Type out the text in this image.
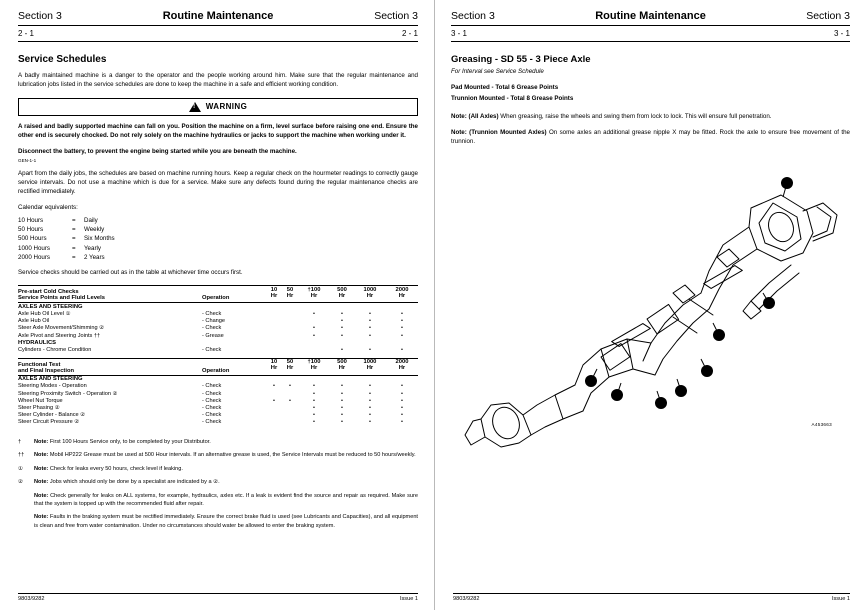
Section 3	Routine Maintenance	Section 3
2 - 1	2 - 1
Service Schedules

A badly maintained machine is a danger to the operator and the people working around him. Make sure that the regular maintenance and lubrication jobs listed in the service schedules are done to keep the machine in a safe and efficient working condition.

!
WARNING

A raised and badly supported machine can fall on you. Position the machine on a firm, level surface before raising one end. Ensure the other end is securely chocked. Do not rely solely on the machine hydraulics or jacks to support the machine when working under it.

Disconnect the battery, to prevent the engine being started while you are beneath the machine.

GEN-1-1

Apart from the daily jobs, the schedules are based on machine running hours. Keep a regular check on the hourmeter readings to correctly gauge service intervals. Do not use a machine which is due for a service. Make sure any defects found during the regular maintenance checks are rectified immediately.

Calendar equivalents:

10 Hours	= Daily
50 Hours	= Weekly
500 Hours	= Six Months
1000 Hours	= Yearly
2000 Hours	= 2 Years

Service checks should be carried out as in the table at whichever time occurs first.

Pre-start Cold Checks
Service Points and Fluid Levels	Operation	
10
Hr

50
Hr

†100
Hr

500
Hr

1000
Hr

2000
Hr

AXLES AND STEERING							
Axle Hub Oil Level ①	- Check			•	•	•	•
Axle Hub Oil	- Change				•	•	•
Steer Axle Movement/Shimming ②	- Check			•	•	•	•
Axle Pivot and Steering Joints ††	- Grease			•	•	•	•
HYDRAULICS							
Cylinders - Chrome Condition	- Check				•	•	•
Functional Test
and Final Inspection	Operation	
10
Hr

50
Hr

†100
Hr

500
Hr

1000
Hr

2000
Hr

AXLES AND STEERING							
Steering Modes - Operation	- Check	•	•	•	•	•	•
Steering Proximity Switch - Operation ②	- Check			•	•	•	•
Wheel Nut Torque	- Check	•	•	•	•	•	•
Steer Phasing ②	- Check			•	•	•	•
Steer Cylinder - Balance ②	- Check			•	•	•	•
Steer Circuit Pressure ②	- Check			•	•	•	•
†	Note: First 100 Hours Service only, to be completed by your Distributor.
††	Note: Mobil HP222 Grease must be used at 500 Hour intervals. If an alternative grease is used, the Service Intervals must be reduced to 50 hours/weekly.
①	Note: Check for leaks every 50 hours, check level if leaking.
②	Note: Jobs which should only be done by a specialist are indicated by a ②.
Note: Check generally for leaks on ALL systems, for example, hydraulics, axles etc. If a leak is evident find the source and repair as required. Make sure that the system is topped up with the recommended fluid after repair.
Note: Faults in the braking system must be rectified immediately. Ensure the correct brake fluid is used (see Lubricants and Capacities), and all equipment is clean and free from water contamination. Under no circumstances should water be allowed to enter the braking system.
9803/9282	Issue 1
Section 3	Routine Maintenance	Section 3
3 - 1	3 - 1
Greasing - SD 55 - 3 Piece Axle
For Interval see Service Schedule
Pad Mounted - Total 6 Grease Points
Trunnion Mounted - Total 8 Grease Points

Note: (All Axles) When greasing, raise the wheels and swing them from lock to lock. This will ensure full penetration.

Note: (Trunnion Mounted Axles) On some axles an additional grease nipple X may be fitted. Rock the axle to ensure free movement of the trunnion.

A453663
9803/9282	Issue 1
